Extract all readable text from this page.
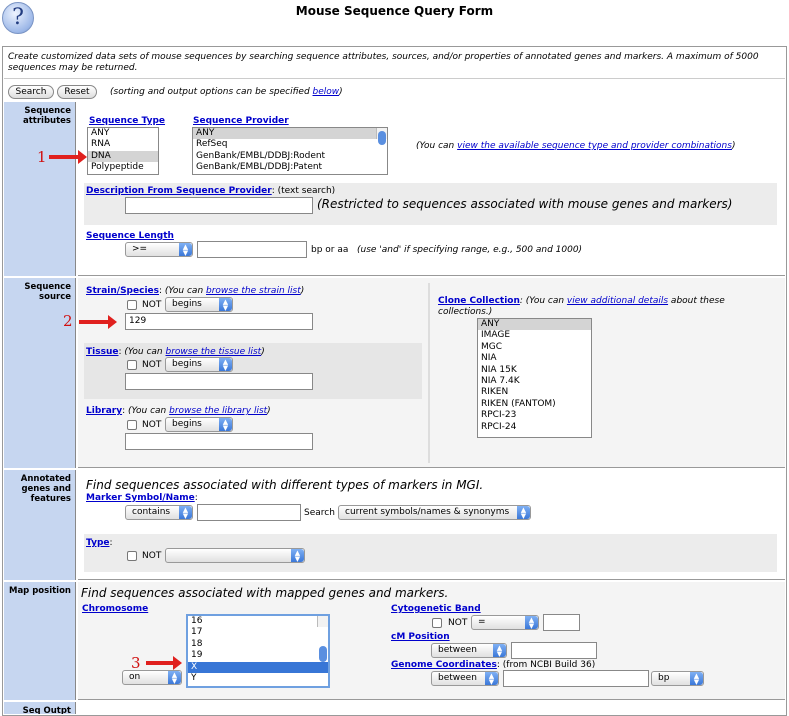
?	Mouse Sequence Query Form
Create customized data sets of mouse sequences by searching sequence attributes, sources, and/or properties of annotated genes and markers. A maximum of 5000 sequences may be returned.
Search	Reset	(sorting and output options can be specified below)
Sequence attributes	Sequence Type
ANY
RNA
DNA
Polypeptide
Sequence Provider
ANY
RefSeq
GenBank/EMBL/DDBJ:Rodent
GenBank/EMBL/DDBJ:Patent
(You can view the available sequence type and provider combinations)
Description From Sequence Provider: (text search)
(Restricted to sequences associated with mouse genes and markers)
Sequence Length
>=	▲
▼	bp or aa (use 'and' if specifying range, e.g., 500 and 1000)
Sequence source
Strain/Species: (You can browse the strain list)
NOT	begins	▲
▼
129
Tissue: (You can browse the tissue list)
NOT	begins	▲
▼
Library: (You can browse the library list)
NOT	begins	▲
▼
Clone Collection: (You can view additional details about these collections.)
ANY
IMAGE
MGC
NIA
NIA 15K
NIA 7.4K
RIKEN
RIKEN (FANTOM)
RPCI-23
RPCI-24
Annotated genes and features
Find sequences associated with different types of markers in MGI.
Marker Symbol/Name:
contains	▲
▼	Search	current symbols/names & synonyms	▲
▼
Type:
NOT	▲
▼
Map position Find sequences associated with mapped genes and markers.
Chromosome
on	▲
▼
16
17
18
19
X
Y
Cytogenetic Band
NOT	=	▲
▼
cM Position
between	▲
▼
Genome Coordinates: (from NCBI Build 36)
between	▲
▼	bp	▲
▼
Seq Outpt
1
2
3
